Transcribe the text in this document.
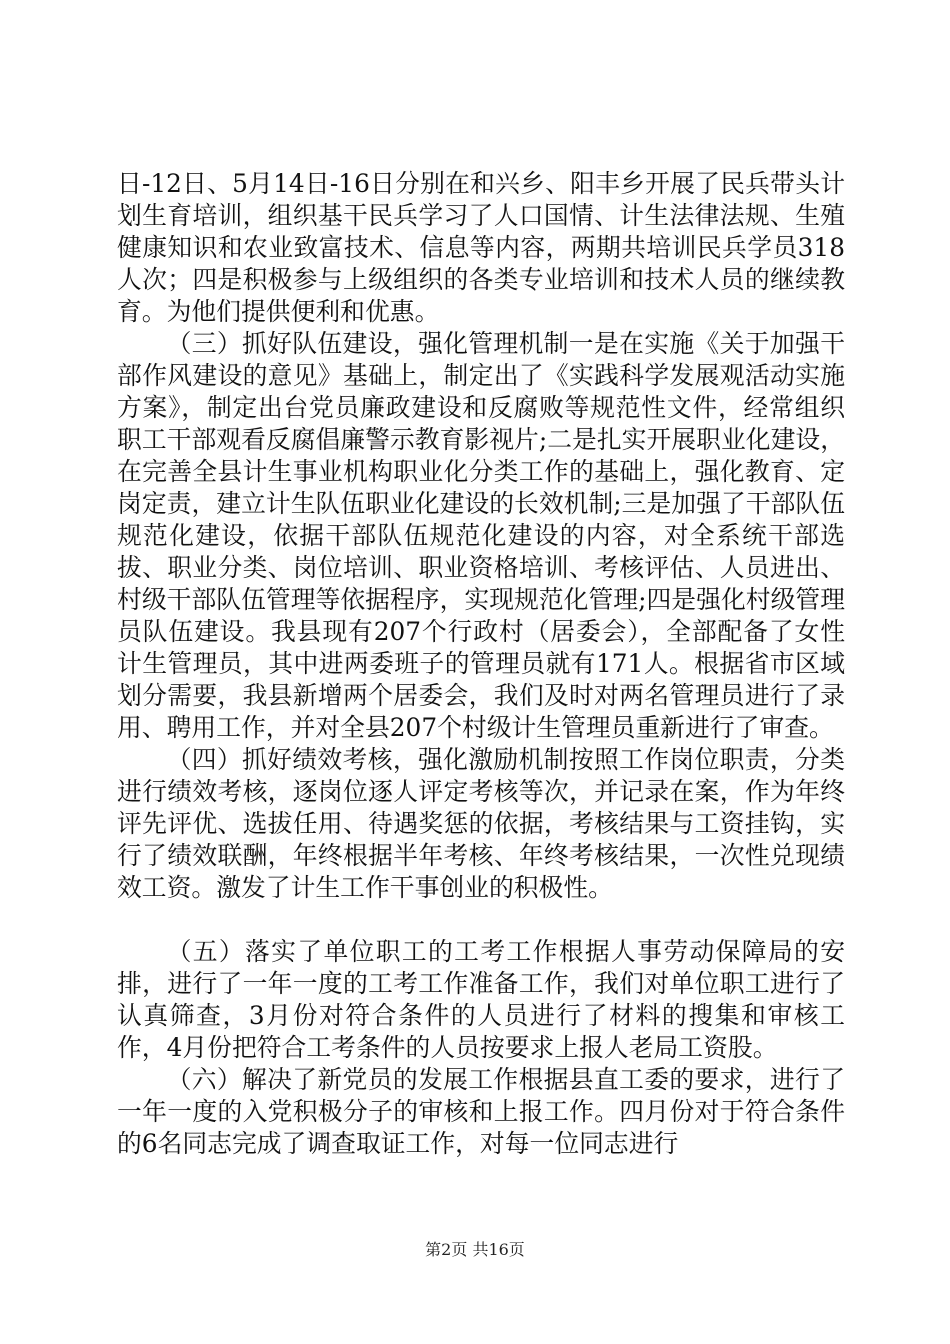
日-12日、5月14日-16日分别在和兴乡、阳丰乡开展了民兵带头计划生育培训，组织基干民兵学习了人口国情、计生法律法规、生殖健康知识和农业致富技术、信息等内容，两期共培训民兵学员318人次；四是积极参与上级组织的各类专业培训和技术人员的继续教育。为他们提供便利和优惠。

（三）抓好队伍建设，强化管理机制一是在实施《关于加强干部作风建设的意见》基础上，制定出了《实践科学发展观活动实施方案》，制定出台党员廉政建设和反腐败等规范性文件，经常组织职工干部观看反腐倡廉警示教育影视片;二是扎实开展职业化建设，在完善全县计生事业机构职业化分类工作的基础上，强化教育、定岗定责，建立计生队伍职业化建设的长效机制;三是加强了干部队伍规范化建设，依据干部队伍规范化建设的内容，对全系统干部选拔、职业分类、岗位培训、职业资格培训、考核评估、人员进出、村级干部队伍管理等依据程序，实现规范化管理;四是强化村级管理员队伍建设。我县现有207个行政村（居委会），全部配备了女性计生管理员，其中进两委班子的管理员就有171人。根据省市区域划分需要，我县新增两个居委会，我们及时对两名管理员进行了录用、聘用工作，并对全县207个村级计生管理员重新进行了审查。

（四）抓好绩效考核，强化激励机制按照工作岗位职责，分类进行绩效考核，逐岗位逐人评定考核等次，并记录在案，作为年终评先评优、选拔任用、待遇奖惩的依据，考核结果与工资挂钩，实行了绩效联酬，年终根据半年考核、年终考核结果，一次性兑现绩效工资。激发了计生工作干事创业的积极性。

（五）落实了单位职工的工考工作根据人事劳动保障局的安排，进行了一年一度的工考工作准备工作，我们对单位职工进行了认真筛查，3月份对符合条件的人员进行了材料的搜集和审核工作，4月份把符合工考条件的人员按要求上报人老局工资股。

（六）解决了新党员的发展工作根据县直工委的要求，进行了一年一度的入党积极分子的审核和上报工作。四月份对于符合条件的6名同志完成了调查取证工作，对每一位同志进行

第2页 共16页
